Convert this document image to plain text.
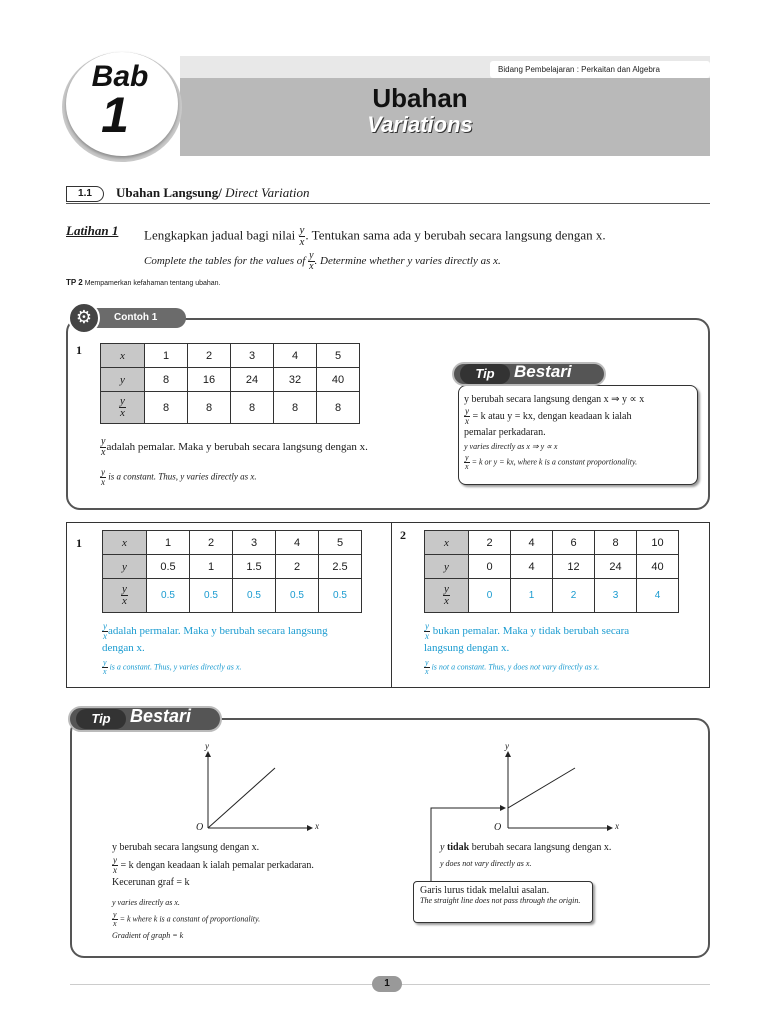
Bidang Pembelajaran : Perkaitan dan Algebra
Bab
1	Ubahan
Variations
1.1	Ubahan Langsung/ Direct Variation
Latihan 1 Lengkapkan jadual bagi nilai $\frac{y}{x}$ . Tentukan sama ada y berubah secara langsung dengan x.
Complete the tables for the values of $\frac{y}{x}$ . Determine whether y varies directly as x.
TP 2 Mempamerkan kefahaman tentang ubahan.
Contoh 1
⚙
1	x	1	2	3	4	5
y	8	16	24	32	40

$\frac{y}{x}$	8	8	8	8	8
$\frac{y}{x}$ adalah pemalar. Maka y berubah secara langsung dengan x.
$\frac{y}{x}$ is a constant. Thus, y varies directly as x.
Tip	Bestari
y berubah secara langsung dengan x ⇒ y ∝ x
$\frac{y}{x} = k$ atau y = kx, dengan keadaan k ialah
pemalar perkadaran.
y varies directly as x ⇒ y ∝ x
$\frac{y}{x} = k$ or y = kx, where k is a constant proportionality.
1	x	1	2	3	4	5
y	0.5	1	1.5	2	2.5

$\frac{y}{x}$	0.5	0.5	0.5	0.5	0.5
$\frac{y}{x}$ adalah permalar. Maka y berubah secara langsung
dengan x.
$\frac{y}{x}$ is a constant. Thus, y varies directly as x.
2
x	2	4	6	8	10
y	0	4	12	24	40

$\frac{y}{x}$	0	1	2	3	4
$\frac{y}{x}$ bukan pemalar. Maka y tidak berubah secara
langsung dengan x.
$\frac{y}{x}$ is not a constant. Thus, y does not vary directly as x.
Tip	Bestari
y
x
O
y
x
O
y berubah secara langsung dengan x.
$\frac{y}{x} = k$ dengan keadaan k ialah pemalar perkadaran.
Kecerunan graf = k
y varies directly as x.
$\frac{y}{x} = k$ where k is a constant of proportionality.
Gradient of graph = k
y tidak berubah secara langsung dengan x.
y does not vary directly as x.
Garis lurus tidak melalui asalan.
The straight line does not pass through the origin.
1
